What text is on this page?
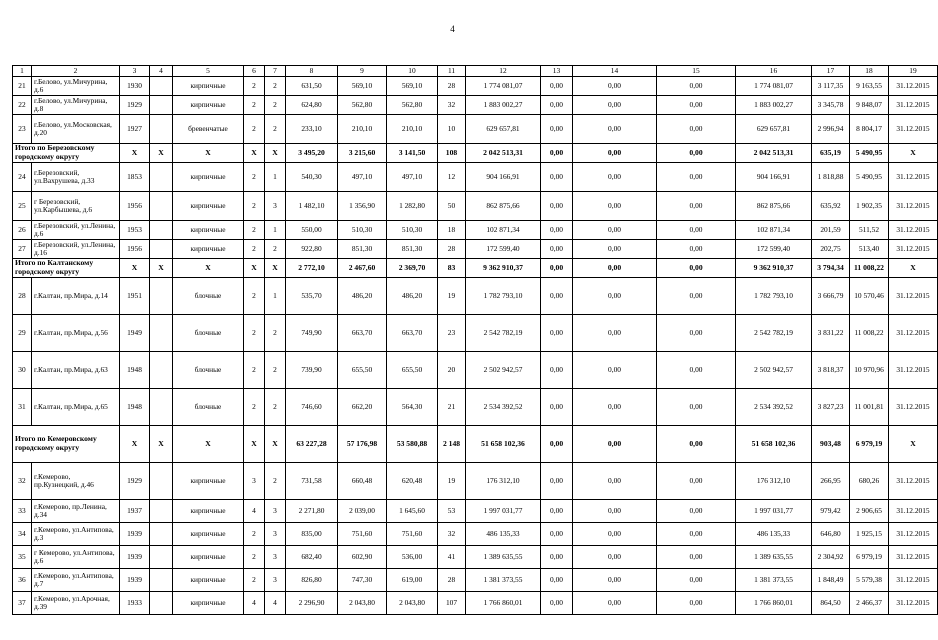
4
1	2	3	4	5	6	7	8	9	10	11	12	13	14	15	16	17	18	19
21	г.Белово, ул.Мичурина, д.6	1930		кирпичные	2	2	631,50	569,10	569,10	28	1 774 081,07	0,00	0,00	0,00	1 774 081,07	3 117,35	9 163,55	31.12.2015
22	г.Белово, ул.Мичурина, д.8	1929		кирпичные	2	2	624,80	562,80	562,80	32	1 883 002,27	0,00	0,00	0,00	1 883 002,27	3 345,78	9 848,07	31.12.2015
23	г.Белово, ул.Московская, д.20	1927		бревенчатые	2	2	233,10	210,10	210,10	10	629 657,81	0,00	0,00	0,00	629 657,81	2 996,94	8 804,17	31.12.2015
Итого по Березовскому городскому округу		X	X	X	X	X	3 495,20	3 215,60	3 141,50	108	2 042 513,31	0,00	0,00	0,00	2 042 513,31	635,19	5 490,95	X
24	г.Березовский, ул.Вахрушева, д.33	1853		кирпичные	2	1	540,30	497,10	497,10	12	904 166,91	0,00	0,00	0,00	904 166,91	1 818,88	5 490,95	31.12.2015
25	г Березовский, ул.Карбышева, д.6	1956		кирпичные	2	3	1 482,10	1 356,90	1 282,80	50	862 875,66	0,00	0,00	0,00	862 875,66	635,92	1 902,35	31.12.2015
26	г.Березовский, ул.Ленина, д.6	1953		кирпичные	2	1	550,00	510,30	510,30	18	102 871,34	0,00	0,00	0,00	102 871,34	201,59	511,52	31.12.2015
27	г.Березовский, ул.Ленина, д.16	1956		кирпичные	2	2	922,80	851,30	851,30	28	172 599,40	0,00	0,00	0,00	172 599,40	202,75	513,40	31.12.2015
Итого по Калтанскому городскому округу		X	X	X	X	X	2 772,10	2 467,60	2 369,70	83	9 362 910,37	0,00	0,00	0,00	9 362 910,37	3 794,34	11 008,22	X
28	г.Калтан, пр.Мира, д.14	1951		блочные	2	1	535,70	486,20	486,20	19	1 782 793,10	0,00	0,00	0,00	1 782 793,10	3 666,79	10 570,46	31.12.2015
29	г.Калтан, пр.Мира, д.56	1949		блочные	2	2	749,90	663,70	663,70	23	2 542 782,19	0,00	0,00	0,00	2 542 782,19	3 831,22	11 008,22	31.12.2015
30	г.Калтан, пр.Мира, д.63	1948		блочные	2	2	739,90	655,50	655,50	20	2 502 942,57	0,00	0,00	0,00	2 502 942,57	3 818,37	10 970,96	31.12.2015
31	г.Калтан, пр.Мира, д.65	1948		блочные	2	2	746,60	662,20	564,30	21	2 534 392,52	0,00	0,00	0,00	2 534 392,52	3 827,23	11 001,81	31.12.2015
Итого по Кемеровскому городскому округу		X	X	X	X	X	63 227,28	57 176,98	53 580,88	2 148	51 658 102,36	0,00	0,00	0,00	51 658 102,36	903,48	6 979,19	X
32	г.Кемерово, пр.Кузнецкий, д.46	1929		кирпичные	3	2	731,58	660,48	620,48	19	176 312,10	0,00	0,00	0,00	176 312,10	266,95	680,26	31.12.2015
33	г.Кемерово, пр.Ленина, д.34	1937		кирпичные	4	3	2 271,80	2 039,00	1 645,60	53	1 997 031,77	0,00	0,00	0,00	1 997 031,77	979,42	2 906,65	31.12.2015
34	г.Кемерово, ул.Антипова, д.3	1939		кирпичные	2	3	835,00	751,60	751,60	32	486 135,33	0,00	0,00	0,00	486 135,33	646,80	1 925,15	31.12.2015
35	г Кемерово, ул.Антипова, д.6	1939		кирпичные	2	3	682,40	602,90	536,00	41	1 389 635,55	0,00	0,00	0,00	1 389 635,55	2 304,92	6 979,19	31.12.2015
36	г.Кемерово, ул.Антипова, д.7	1939		кирпичные	2	3	826,80	747,30	619,00	28	1 381 373,55	0,00	0,00	0,00	1 381 373,55	1 848,49	5 579,38	31.12.2015
37	г.Кемерово, ул.Арочная, д.39	1933		кирпичные	4	4	2 296,90	2 043,80	2 043,80	107	1 766 860,01	0,00	0,00	0,00	1 766 860,01	864,50	2 466,37	31.12.2015
